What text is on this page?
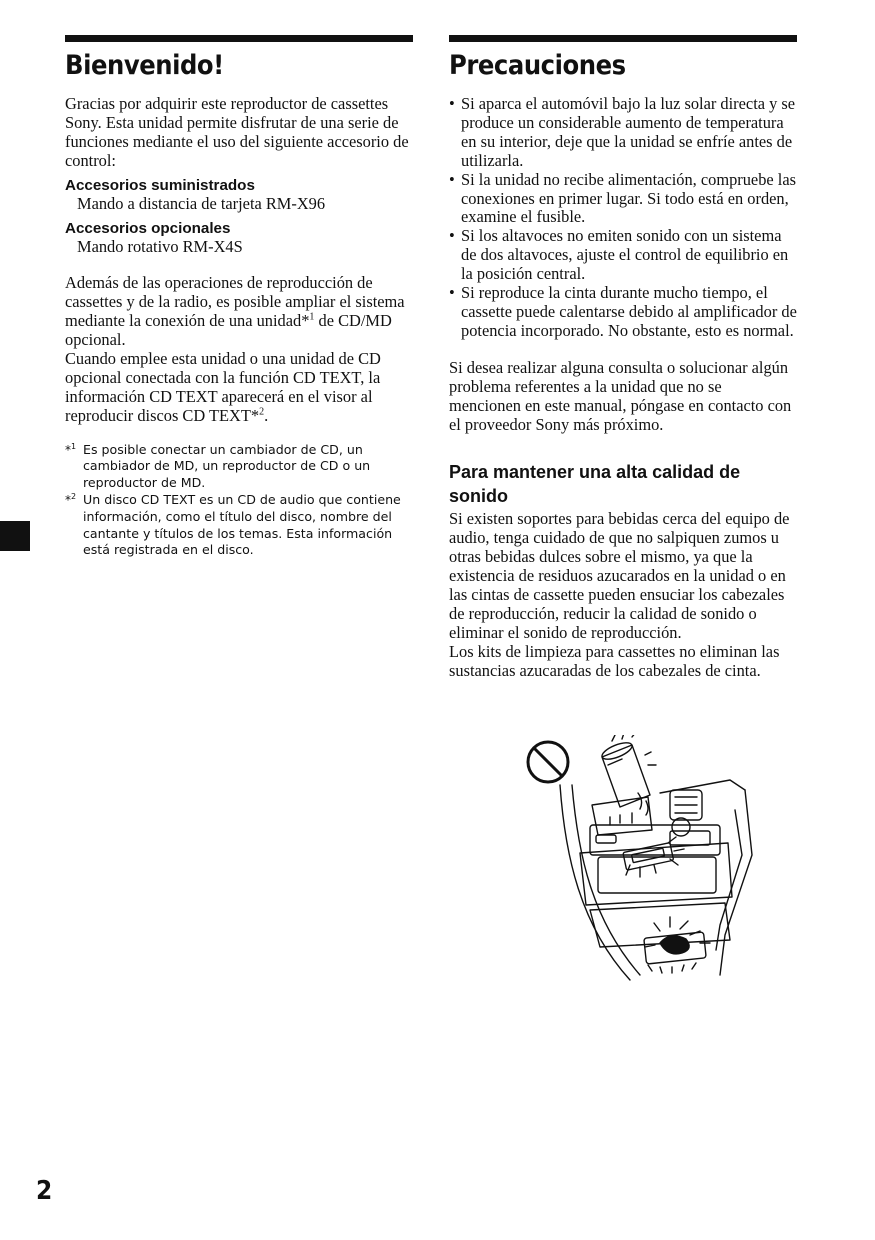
Bienvenido!

Gracias por adquirir este reproductor de cassettes Sony. Esta unidad permite disfrutar de una serie de funciones mediante el uso del siguiente accesorio de control:

Accesorios suministrados
Mando a distancia de tarjeta RM-X96
Accesorios opcionales
Mando rotativo RM-X4S

Además de las operaciones de reproducción de cassettes y de la radio, es posible ampliar el sistema mediante la conexión de una unidad*$^1$ de CD/MD opcional.

Cuando emplee esta unidad o una unidad de CD opcional conectada con la función CD TEXT, la información CD TEXT aparecerá en el visor al reproducir discos CD TEXT*$^2$.

*$^1$ Es posible conectar un cambiador de CD, un cambiador de MD, un reproductor de CD o un reproductor de MD.
*$^2$ Un disco CD TEXT es un CD de audio que contiene información, como el título del disco, nombre del cantante y títulos de los temas. Esta información está registrada en el disco.
Precauciones
• Si aparca el automóvil bajo la luz solar directa y se produce un considerable aumento de temperatura en su interior, deje que la unidad se enfríe antes de utilizarla.
• Si la unidad no recibe alimentación, compruebe las conexiones en primer lugar. Si todo está en orden, examine el fusible.
• Si los altavoces no emiten sonido con un sistema de dos altavoces, ajuste el control de equilibrio en la posición central.
• Si reproduce la cinta durante mucho tiempo, el cassette puede calentarse debido al amplificador de potencia incorporado. No obstante, esto es normal.

Si desea realizar alguna consulta o solucionar algún problema referentes a la unidad que no se mencionen en este manual, póngase en contacto con el proveedor Sony más próximo.

Para mantener una alta calidad de sonido

Si existen soportes para bebidas cerca del equipo de audio, tenga cuidado de que no salpiquen zumos u otras bebidas dulces sobre el mismo, ya que la existencia de residuos azucarados en la unidad o en las cintas de cassette pueden ensuciar los cabezales de reproducción, reducir la calidad de sonido o eliminar el sonido de reproducción.

Los kits de limpieza para cassettes no eliminan las sustancias azucaradas de los cabezales de cinta.

2
